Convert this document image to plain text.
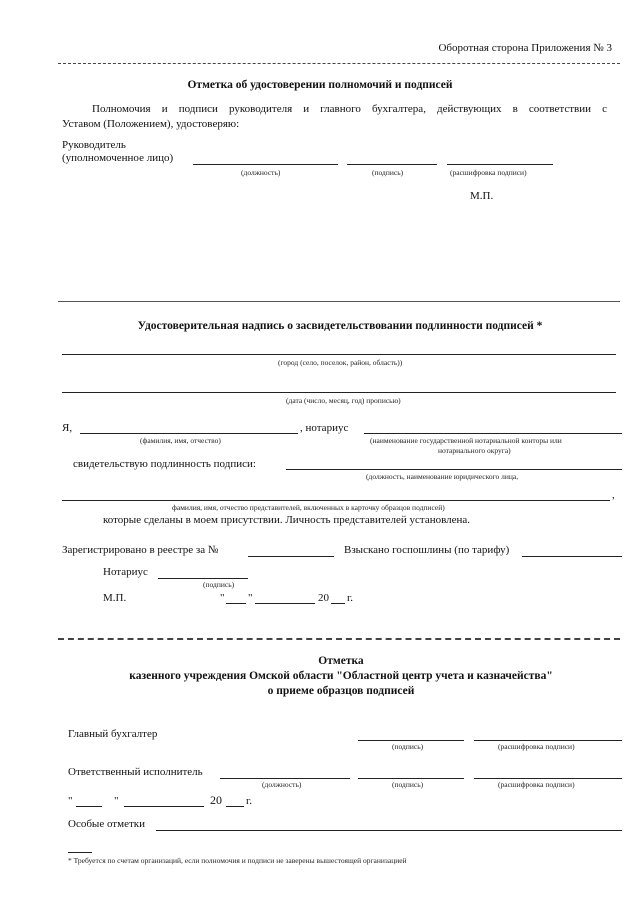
Оборотная сторона Приложения № 3
Отметка об удостоверении полномочий и подписей
Полномочия и подписи руководителя и главного бухгалтера, действующих в соответствии с
Уставом (Положением), удостоверяю:
Руководитель
(уполномоченное лицо)
(должность)	(подпись)	(расшифровка подписи)
М.П.
Удостоверительная надпись о засвидетельствовании подлинности подписей *
(город (село, поселок, район, область))
(дата (число, месяц, год) прописью)
Я,	, нотариус
(фамилия, имя, отчество)	(наименование государственной нотариальной конторы или
нотариального округа)
свидетельствую подлинность подписи:
(должность, наименование юридического лица,
,
фамилия, имя, отчество представителей, включенных в карточку образцов подписей)
которые сделаны в моем присутствии. Личность представителей установлена.
Зарегистрировано в реестре за №	Взыскано госпошлины (по тарифу)
Нотариус
(подпись)
М.П.	" "	20 г.
Отметка
казенного учреждения Омской области "Областной центр учета и казначейства"
о приеме образцов подписей
Главный бухгалтер
(подпись)	(расшифровка подписи)
Ответственный исполнитель
(должность)	(подпись)	(расшифровка подписи)
"	"	20 г.
Особые отметки
* Требуется по счетам организаций, если полномочия и подписи не заверены вышестоящей организацией
